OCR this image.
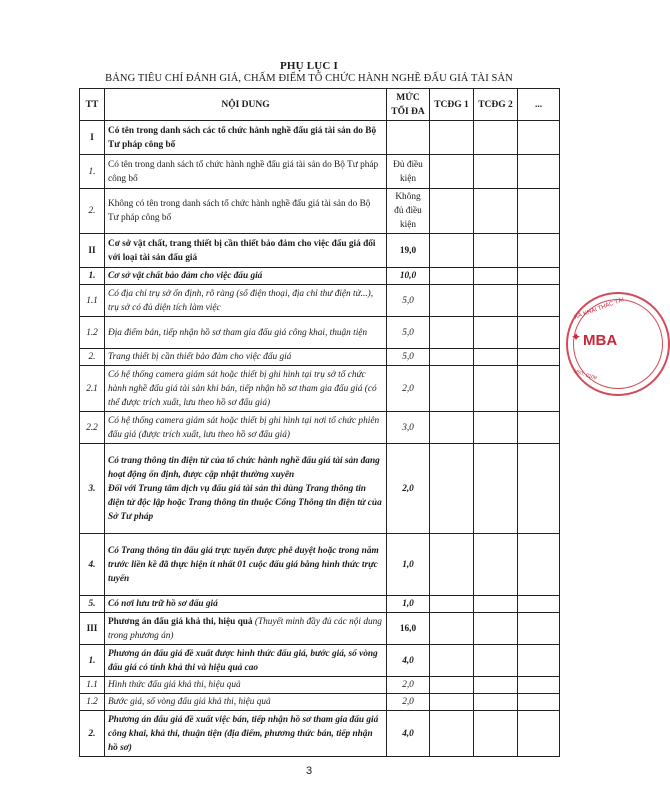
PHỤ LỤC I
BẢNG TIÊU CHÍ ĐÁNH GIÁ, CHẤM ĐIỂM TỔ CHỨC HÀNH NGHỀ ĐẤU GIÁ TÀI SẢN
TT	NỘI DUNG	MỨC TỐI ĐA	TCĐG 1	TCĐG 2	...
I	Có tên trong danh sách các tổ chức hành nghề đấu giá tài sản do Bộ Tư pháp công bố				
1.	Có tên trong danh sách tổ chức hành nghề đấu giá tài sản do Bộ Tư pháp công bố	Đủ điều kiện			
2.	Không có tên trong danh sách tổ chức hành nghề đấu giá tài sản do Bộ Tư pháp công bố	Không đủ điều kiện			
II	Cơ sở vật chất, trang thiết bị cần thiết bảo đảm cho việc đấu giá đối với loại tài sản đấu giá	19,0			
1.	Cơ sở vật chất bảo đảm cho việc đấu giá	10,0			
1.1	Có địa chỉ trụ sở ổn định, rõ ràng (số điện thoại, địa chỉ thư điện tử...), trụ sở có đủ diện tích làm việc	5,0			
1.2	Địa điểm bán, tiếp nhận hồ sơ tham gia đấu giá công khai, thuận tiện	5,0			
2.	Trang thiết bị cần thiết bảo đảm cho việc đấu giá	5,0			
2.1	Có hệ thống camera giám sát hoặc thiết bị ghi hình tại trụ sở tổ chức hành nghề đấu giá tài sản khi bán, tiếp nhận hồ sơ tham gia đấu giá (có thể được trích xuất, lưu theo hồ sơ đấu giá)	2,0			
2.2	Có hệ thống camera giám sát hoặc thiết bị ghi hình tại nơi tổ chức phiên đấu giá (được trích xuất, lưu theo hồ sơ đấu giá)	3,0			
3.	Có trang thông tin điện tử của tổ chức hành nghề đấu giá tài sản đang hoạt động ổn định, được cập nhật thường xuyên
Đối với Trung tâm dịch vụ đấu giá tài sản thì dùng Trang thông tin điện tử độc lập hoặc Trang thông tin thuộc Cổng Thông tin điện tử của Sở Tư pháp	2,0			
4.	Có Trang thông tin đấu giá trực tuyến được phê duyệt hoặc trong năm trước liền kề đã thực hiện ít nhất 01 cuộc đấu giá bằng hình thức trực tuyến	1,0			
5.	Có nơi lưu trữ hồ sơ đấu giá	1,0			
III	Phương án đấu giá khả thi, hiệu quả (Thuyết minh đầy đủ các nội dung trong phương án)	16,0			
1.	Phương án đấu giá đề xuất được hình thức đấu giá, bước giá, số vòng đấu giá có tính khả thi và hiệu quả cao	4,0			
1.1	Hình thức đấu giá khả thi, hiệu quả	2,0			
1.2	Bước giá, số vòng đấu giá khả thi, hiệu quả	2,0			
2.	Phương án đấu giá đề xuất việc bán, tiếp nhận hồ sơ tham gia đấu giá công khai, khả thi, thuận tiện (địa điểm, phương thức bán, tiếp nhận hồ sơ)	4,0			
XÃ KHAI THÁC TÀI
✦ MBA
MST: 0109
3
